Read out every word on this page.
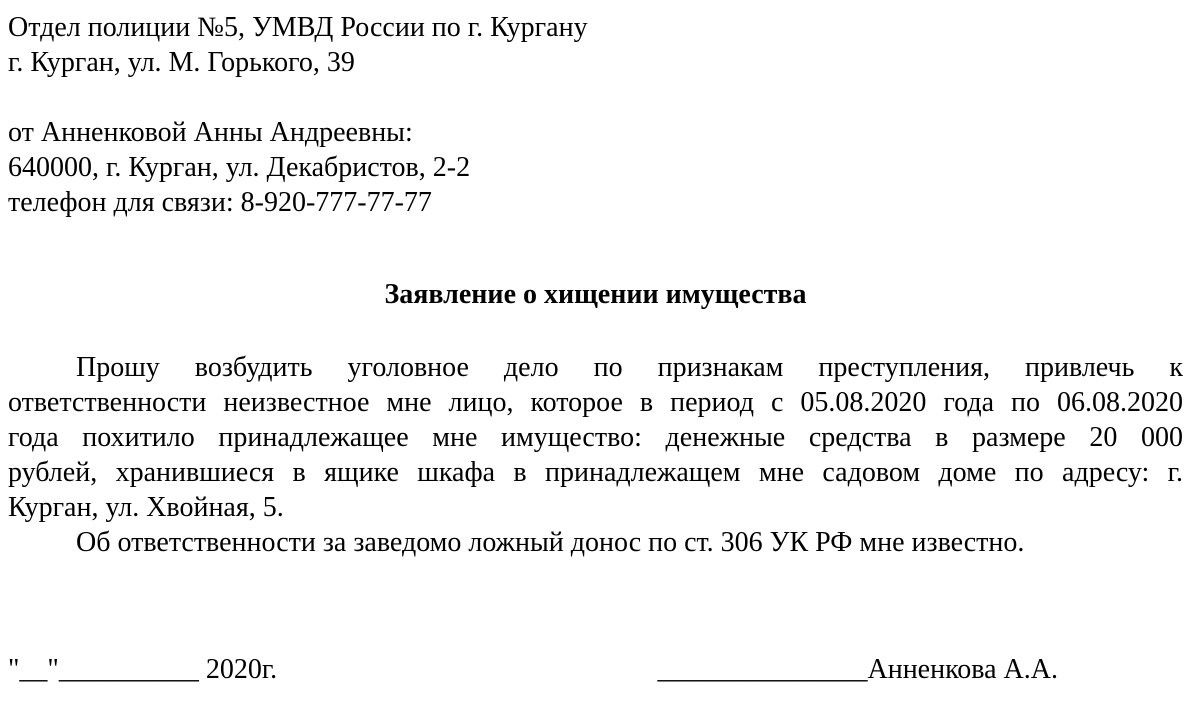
Отдел полиции №5, УМВД России по г. Кургану
г. Курган, ул. М. Горького, 39
от Анненковой Анны Андреевны:
640000, г. Курган, ул. Декабристов, 2-2
телефон для связи: 8-920-777-77-77
Заявление о хищении имущества
Прошу возбудить уголовное дело по признакам преступления, привлечь к
ответственности неизвестное мне лицо, которое в период с 05.08.2020 года по 06.08.2020
года похитило принадлежащее мне имущество: денежные средства в размере 20 000
рублей, хранившиеся в ящике шкафа в принадлежащем мне садовом доме по адресу: г.
Курган, ул. Хвойная, 5.
Об ответственности за заведомо ложный донос по ст. 306 УК РФ мне известно.
"__"__________ 2020г.	_______________Анненкова А.А.
